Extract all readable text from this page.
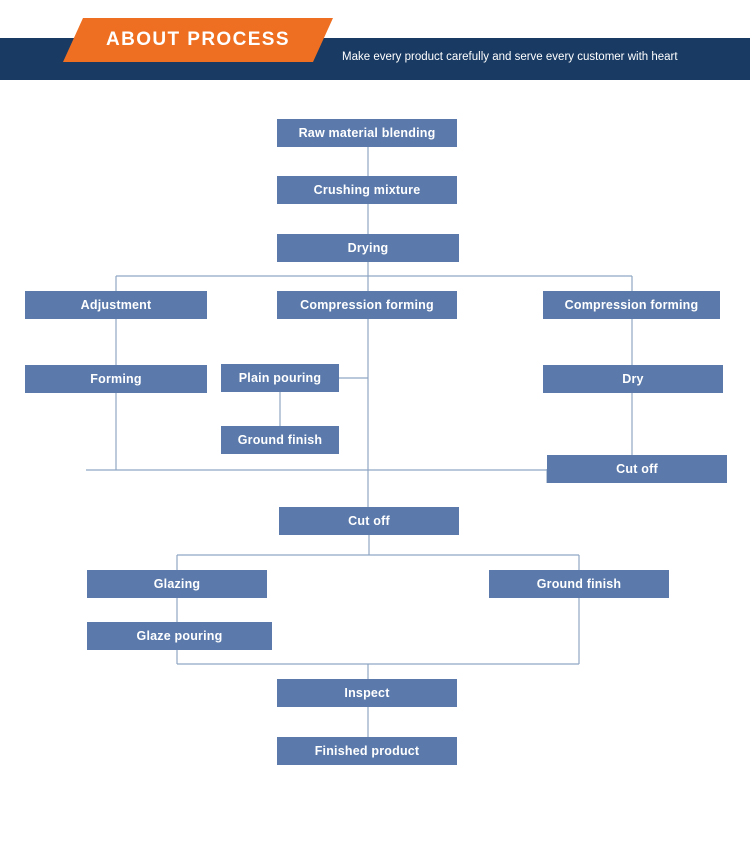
ABOUT PROCESS
Make every product carefully and serve every customer with heart
Raw material blending
Crushing mixture
Drying
Adjustment	Compression forming	Compression forming
Forming	Plain pouring	Dry
Ground finish
Cut off
Cut off
Glazing	Ground finish
Glaze pouring
Inspect
Finished product
